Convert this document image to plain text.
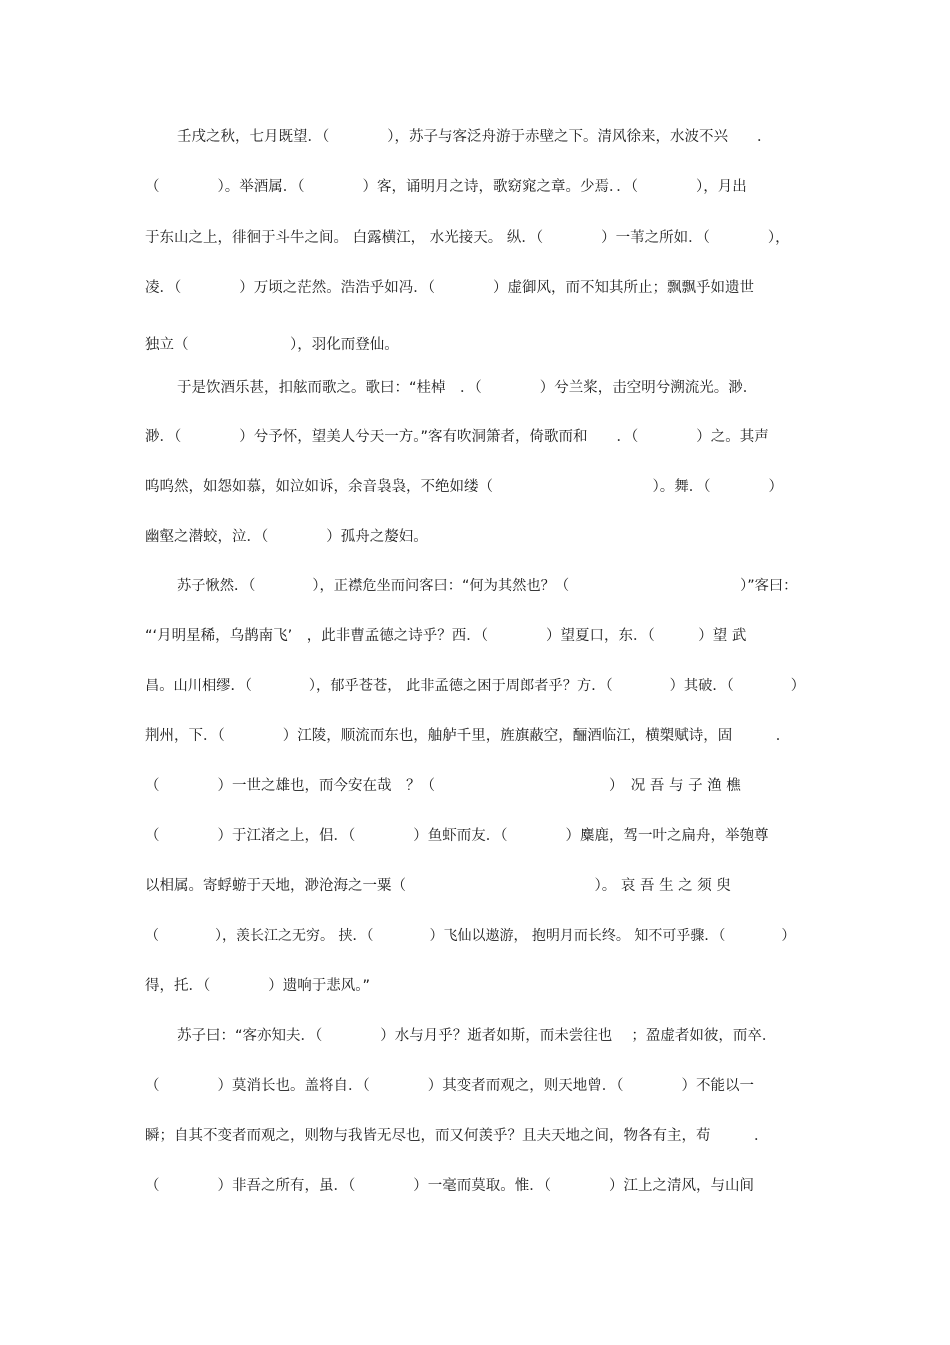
壬戌之秋，七月既望．（　　　　），苏子与客泛舟游于赤壁之下。清风徐来，水波不兴　　．
（　　　　）。举酒属．（　　　　）客，诵明月之诗，歌窈窕之章。少焉．．（　　　　），月出
于东山之上，徘徊于斗牛之间。 白露横江， 水光接天。 纵．（　　　　）一苇之所如．（　　　　），
凌．（　　　　）万顷之茫然。浩浩乎如冯．（　　　　）虚御风，而不知其所止；飘飘乎如遗世
独立（　　　　　　　），羽化而登仙。
于是饮酒乐甚，扣舷而歌之。歌曰：“桂棹　．（　　　　）兮兰桨，击空明兮溯流光。渺．
渺．（　　　　）兮予怀，望美人兮天一方。”客有吹洞箫者，倚歌而和　　．（　　　　）之。其声
呜呜然，如怨如慕，如泣如诉，余音袅袅，不绝如缕（　　　　　　　　　　　）。舞．（　　　　）
幽壑之潜蛟，泣．（　　　　）孤舟之嫠妇。
苏子愀然．（　　　　），正襟危坐而问客曰：“何为其然也？（　　　　　　　　　　　　）”客曰：
“‘月明星稀，乌鹊南飞’　，此非曹孟德之诗乎？西．（　　　　）望夏口，东．（　　　）望 武
昌。山川相缪．（　　　　），郁乎苍苍， 此非孟德之困于周郎者乎？方．（　　　　）其破．（　　　　）
荆州，下．（　　　　）江陵，顺流而东也，舳舻千里，旌旗蔽空，酾酒临江，横槊赋诗，固　　　．
（　　　　）一世之雄也，而今安在哉　？（　　　　　　　　　　　　）　况 吾 与 子 渔 樵
（　　　　）于江渚之上，侣．（　　　　）鱼虾而友．（　　　　）麋鹿，驾一叶之扁舟，举匏尊
以相属。寄蜉蝣于天地，渺沧海之一粟（　　　　　　　　　　　　　）。 哀 吾 生 之 须 臾
（　　　　），羡长江之无穷。 挟．（　　　　）飞仙以遨游， 抱明月而长终。 知不可乎骤．（　　　　）
得，托．（　　　　）遗响于悲风。”
苏子曰：“客亦知夫．（　　　　）水与月乎？逝者如斯，而未尝往也　 ；盈虚者如彼，而卒．
（　　　　）莫消长也。盖将自．（　　　　）其变者而观之，则天地曾．（　　　　）不能以一
瞬；自其不变者而观之，则物与我皆无尽也，而又何羡乎？且夫天地之间，物各有主，苟　　　．
（　　　　）非吾之所有，虽．（　　　　）一毫而莫取。惟．（　　　　）江上之清风，与山间
